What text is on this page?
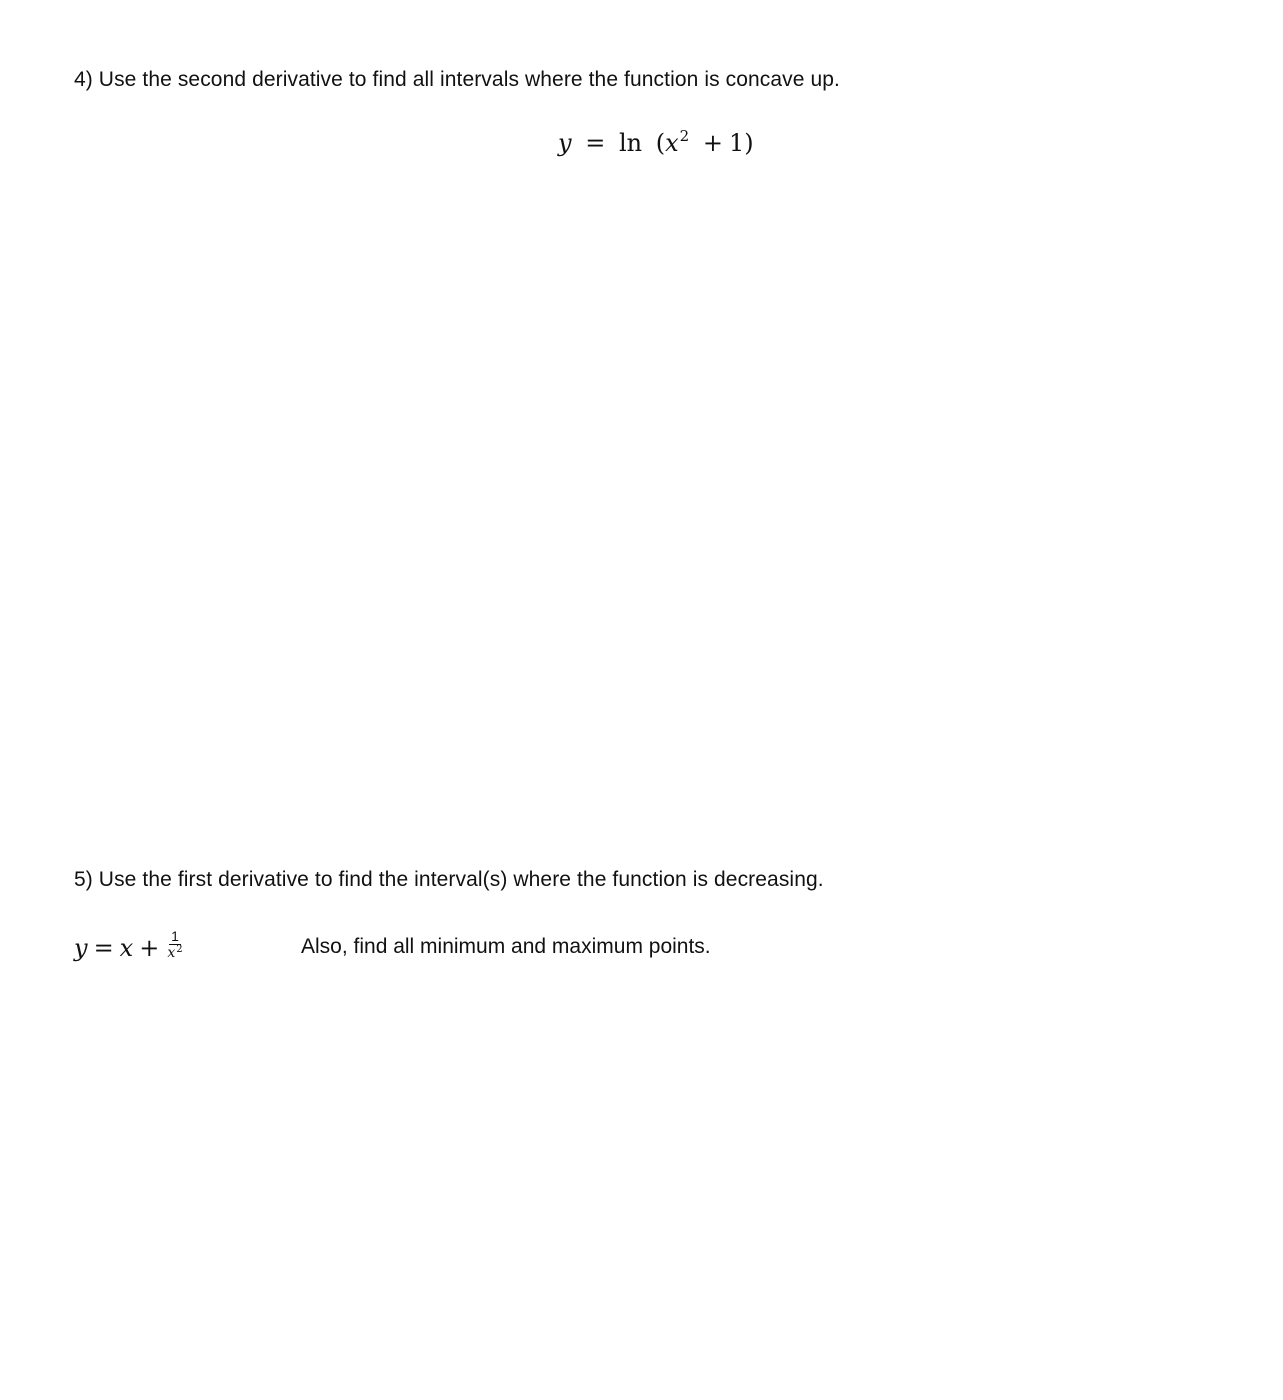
4) Use the second derivative to find all intervals where the function is concave up.
$y = \ln (x^2 + 1)$
5) Use the first derivative to find the interval(s) where the function is decreasing.
$y = x + \frac{1}{x^2}$	Also, find all minimum and maximum points.
